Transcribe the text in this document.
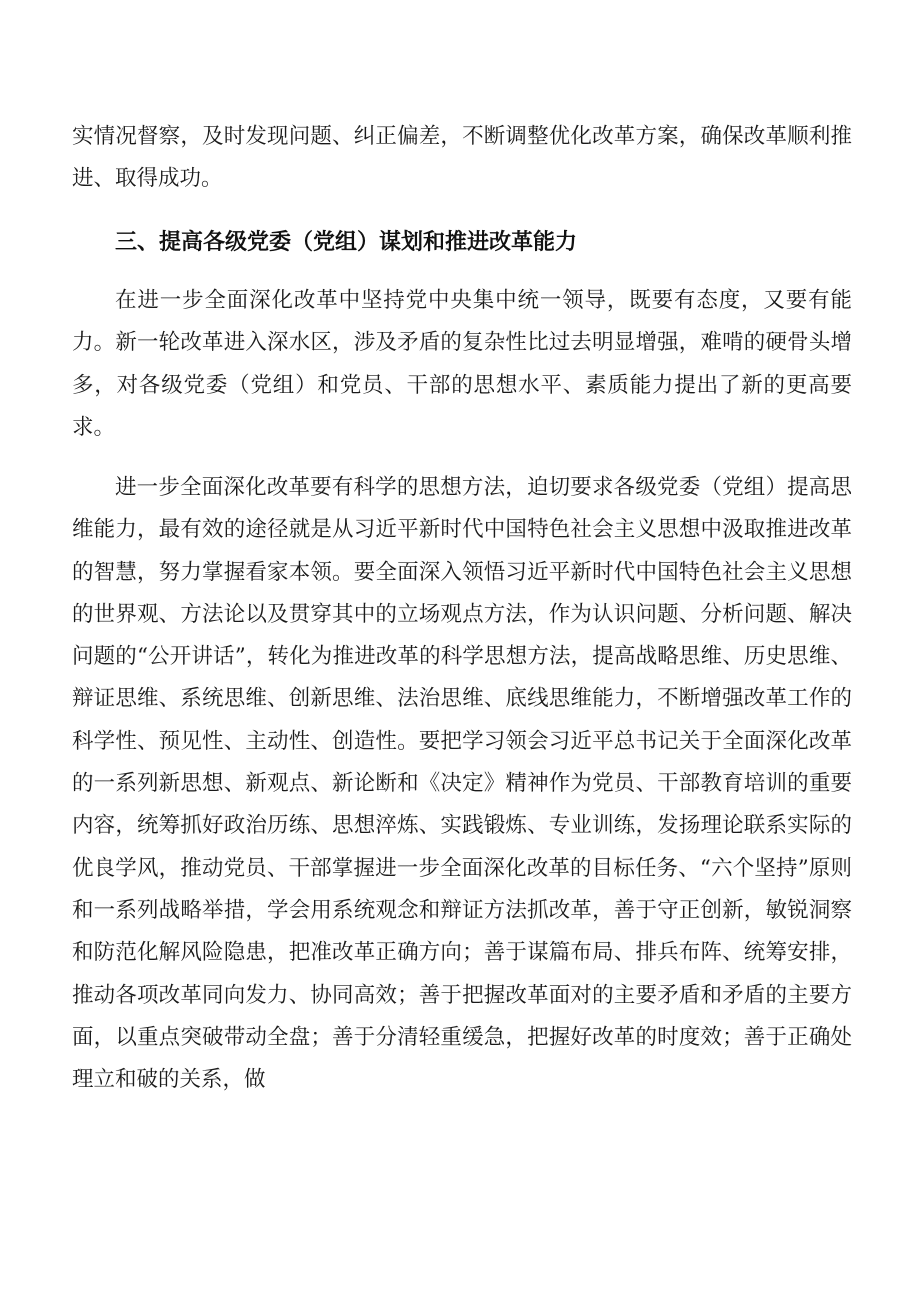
实情况督察，及时发现问题、纠正偏差，不断调整优化改革方案，确保改革顺利推进、取得成功。

三、提高各级党委（党组）谋划和推进改革能力

在进一步全面深化改革中坚持党中央集中统一领导，既要有态度，又要有能力。新一轮改革进入深水区，涉及矛盾的复杂性比过去明显增强，难啃的硬骨头增多，对各级党委（党组）和党员、干部的思想水平、素质能力提出了新的更高要求。

进一步全面深化改革要有科学的思想方法，迫切要求各级党委（党组）提高思维能力，最有效的途径就是从习近平新时代中国特色社会主义思想中汲取推进改革的智慧，努力掌握看家本领。要全面深入领悟习近平新时代中国特色社会主义思想的世界观、方法论以及贯穿其中的立场观点方法，作为认识问题、分析问题、解决问题的“公开讲话”，转化为推进改革的科学思想方法，提高战略思维、历史思维、辩证思维、系统思维、创新思维、法治思维、底线思维能力，不断增强改革工作的科学性、预见性、主动性、创造性。要把学习领会习近平总书记关于全面深化改革的一系列新思想、新观点、新论断和《决定》精神作为党员、干部教育培训的重要内容，统筹抓好政治历练、思想淬炼、实践锻炼、专业训练，发扬理论联系实际的优良学风，推动党员、干部掌握进一步全面深化改革的目标任务、“六个坚持”原则和一系列战略举措，学会用系统观念和辩证方法抓改革，善于守正创新，敏锐洞察和防范化解风险隐患，把准改革正确方向；善于谋篇布局、排兵布阵、统筹安排，推动各项改革同向发力、协同高效；善于把握改革面对的主要矛盾和矛盾的主要方面，以重点突破带动全盘；善于分清轻重缓急，把握好改革的时度效；善于正确处理立和破的关系，做
